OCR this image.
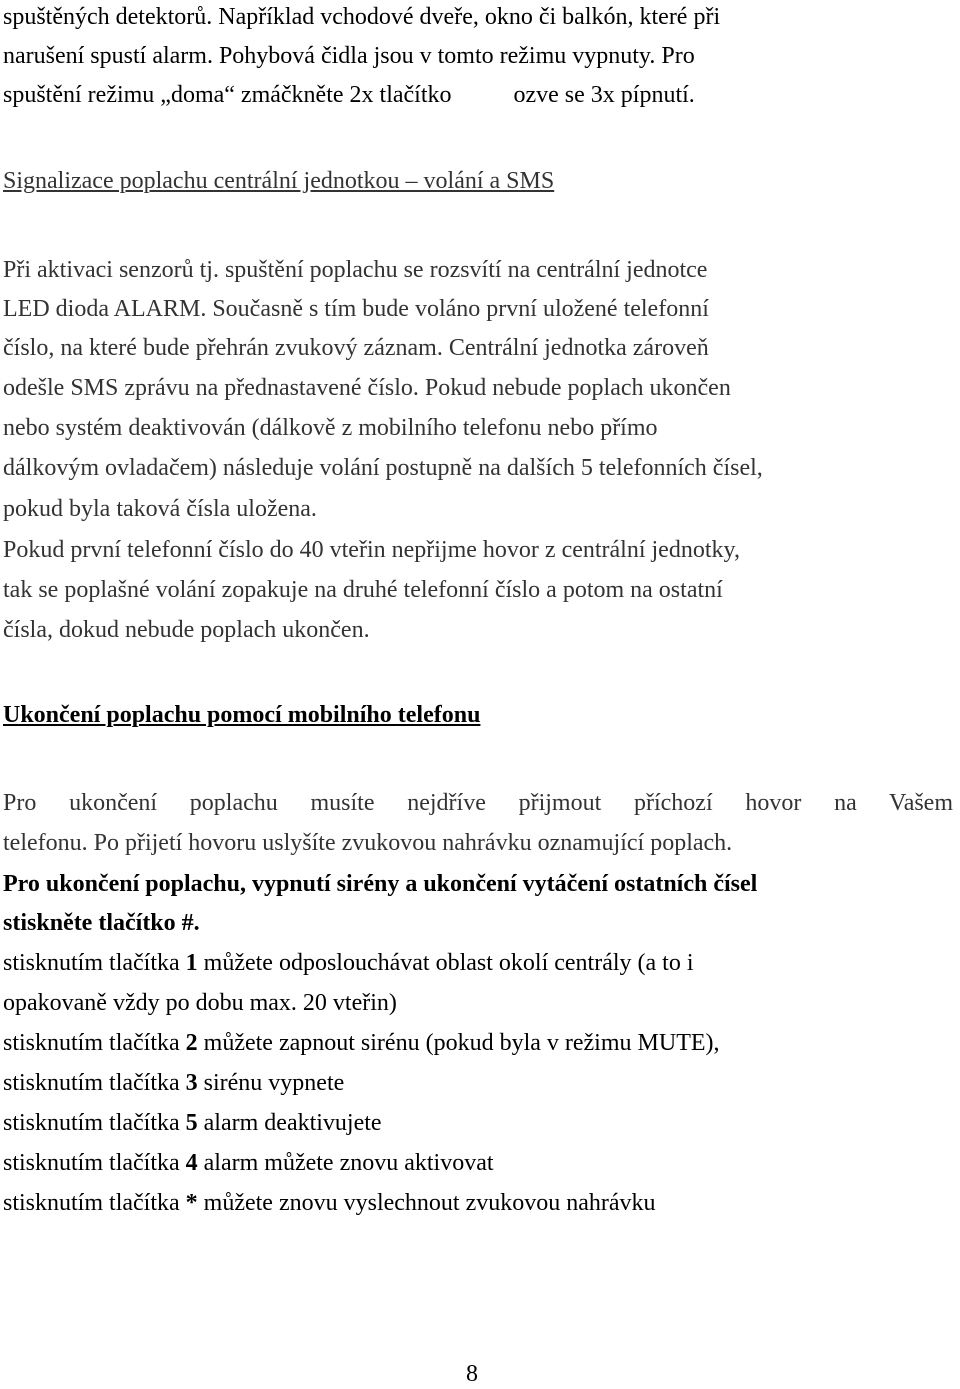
spuštěných detektorů. Například vchodové dveře, okno či balkón, které při
narušení spustí alarm. Pohybová čidla jsou v tomto režimu vypnuty. Pro
spuštění režimu „doma“ zmáčkněte 2x tlačítko	ozve se 3x pípnutí.
Signalizace poplachu centrální jednotkou – volání a SMS
Při aktivaci senzorů tj. spuštění poplachu se rozsvítí na centrální jednotce
LED dioda ALARM. Současně s tím bude voláno první uložené telefonní
číslo, na které bude přehrán zvukový záznam. Centrální jednotka zároveň
odešle SMS zprávu na přednastavené číslo. Pokud nebude poplach ukončen
nebo systém deaktivován (dálkově z mobilního telefonu nebo přímo
dálkovým ovladačem) následuje volání postupně na dalších 5 telefonních čísel,
pokud byla taková čísla uložena.
Pokud první telefonní číslo do 40 vteřin nepřijme hovor z centrální jednotky,
tak se poplašné volání zopakuje na druhé telefonní číslo a potom na ostatní
čísla, dokud nebude poplach ukončen.
Ukončení poplachu pomocí mobilního telefonu
Pro ukončení poplachu musíte nejdříve přijmout příchozí hovor na Vašem
telefonu. Po přijetí hovoru uslyšíte zvukovou nahrávku oznamující poplach.
Pro ukončení poplachu, vypnutí sirény a ukončení vytáčení ostatních čísel
stiskněte tlačítko #.
stisknutím tlačítka 1 můžete odposlouchávat oblast okolí centrály (a to i
opakovaně vždy po dobu max. 20 vteřin)
stisknutím tlačítka 2 můžete zapnout sirénu (pokud byla v režimu MUTE),
stisknutím tlačítka 3 sirénu vypnete
stisknutím tlačítka 5 alarm deaktivujete
stisknutím tlačítka 4 alarm můžete znovu aktivovat
stisknutím tlačítka * můžete znovu vyslechnout zvukovou nahrávku
8
